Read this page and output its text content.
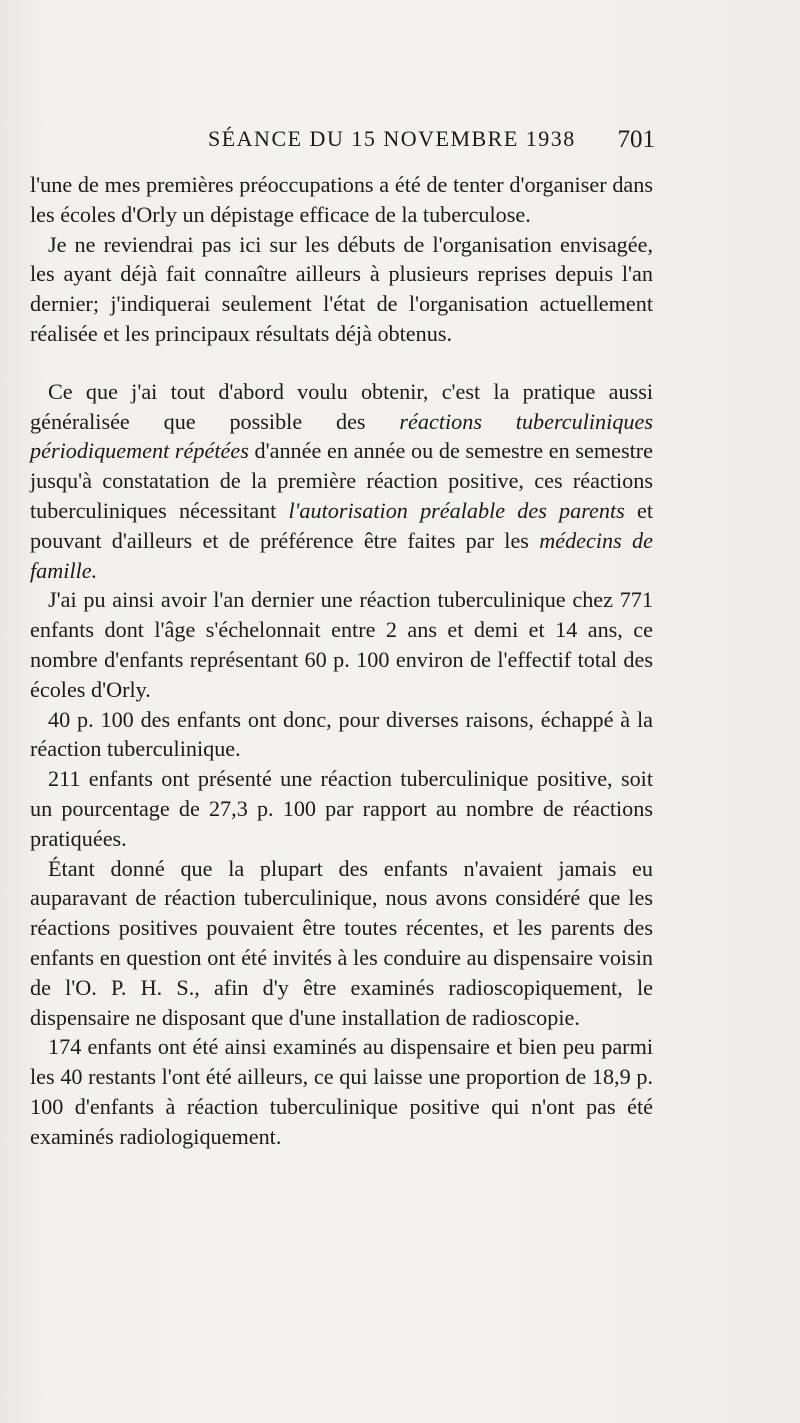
SÉANCE DU 15 NOVEMBRE 1938 701

l'une de mes premières préoccupations a été de tenter d'organiser dans les écoles d'Orly un dépistage efficace de la tuberculose.

Je ne reviendrai pas ici sur les débuts de l'organisation envisagée, les ayant déjà fait connaître ailleurs à plusieurs reprises depuis l'an dernier; j'indiquerai seulement l'état de l'organisation actuellement réalisée et les principaux résultats déjà obtenus.

Ce que j'ai tout d'abord voulu obtenir, c'est la pratique aussi généralisée que possible des réactions tuberculiniques périodiquement répétées d'année en année ou de semestre en semestre jusqu'à constatation de la première réaction positive, ces réactions tuberculiniques nécessitant l'autorisation préalable des parents et pouvant d'ailleurs et de préférence être faites par les médecins de famille.

J'ai pu ainsi avoir l'an dernier une réaction tuberculinique chez 771 enfants dont l'âge s'échelonnait entre 2 ans et demi et 14 ans, ce nombre d'enfants représentant 60 p. 100 environ de l'effectif total des écoles d'Orly.

40 p. 100 des enfants ont donc, pour diverses raisons, échappé à la réaction tuberculinique.

211 enfants ont présenté une réaction tuberculinique positive, soit un pourcentage de 27,3 p. 100 par rapport au nombre de réactions pratiquées.

Étant donné que la plupart des enfants n'avaient jamais eu auparavant de réaction tuberculinique, nous avons considéré que les réactions positives pouvaient être toutes récentes, et les parents des enfants en question ont été invités à les conduire au dispensaire voisin de l'O. P. H. S., afin d'y être examinés radioscopiquement, le dispensaire ne disposant que d'une installation de radioscopie.

174 enfants ont été ainsi examinés au dispensaire et bien peu parmi les 40 restants l'ont été ailleurs, ce qui laisse une proportion de 18,9 p. 100 d'enfants à réaction tuberculinique positive qui n'ont pas été examinés radiologiquement.
